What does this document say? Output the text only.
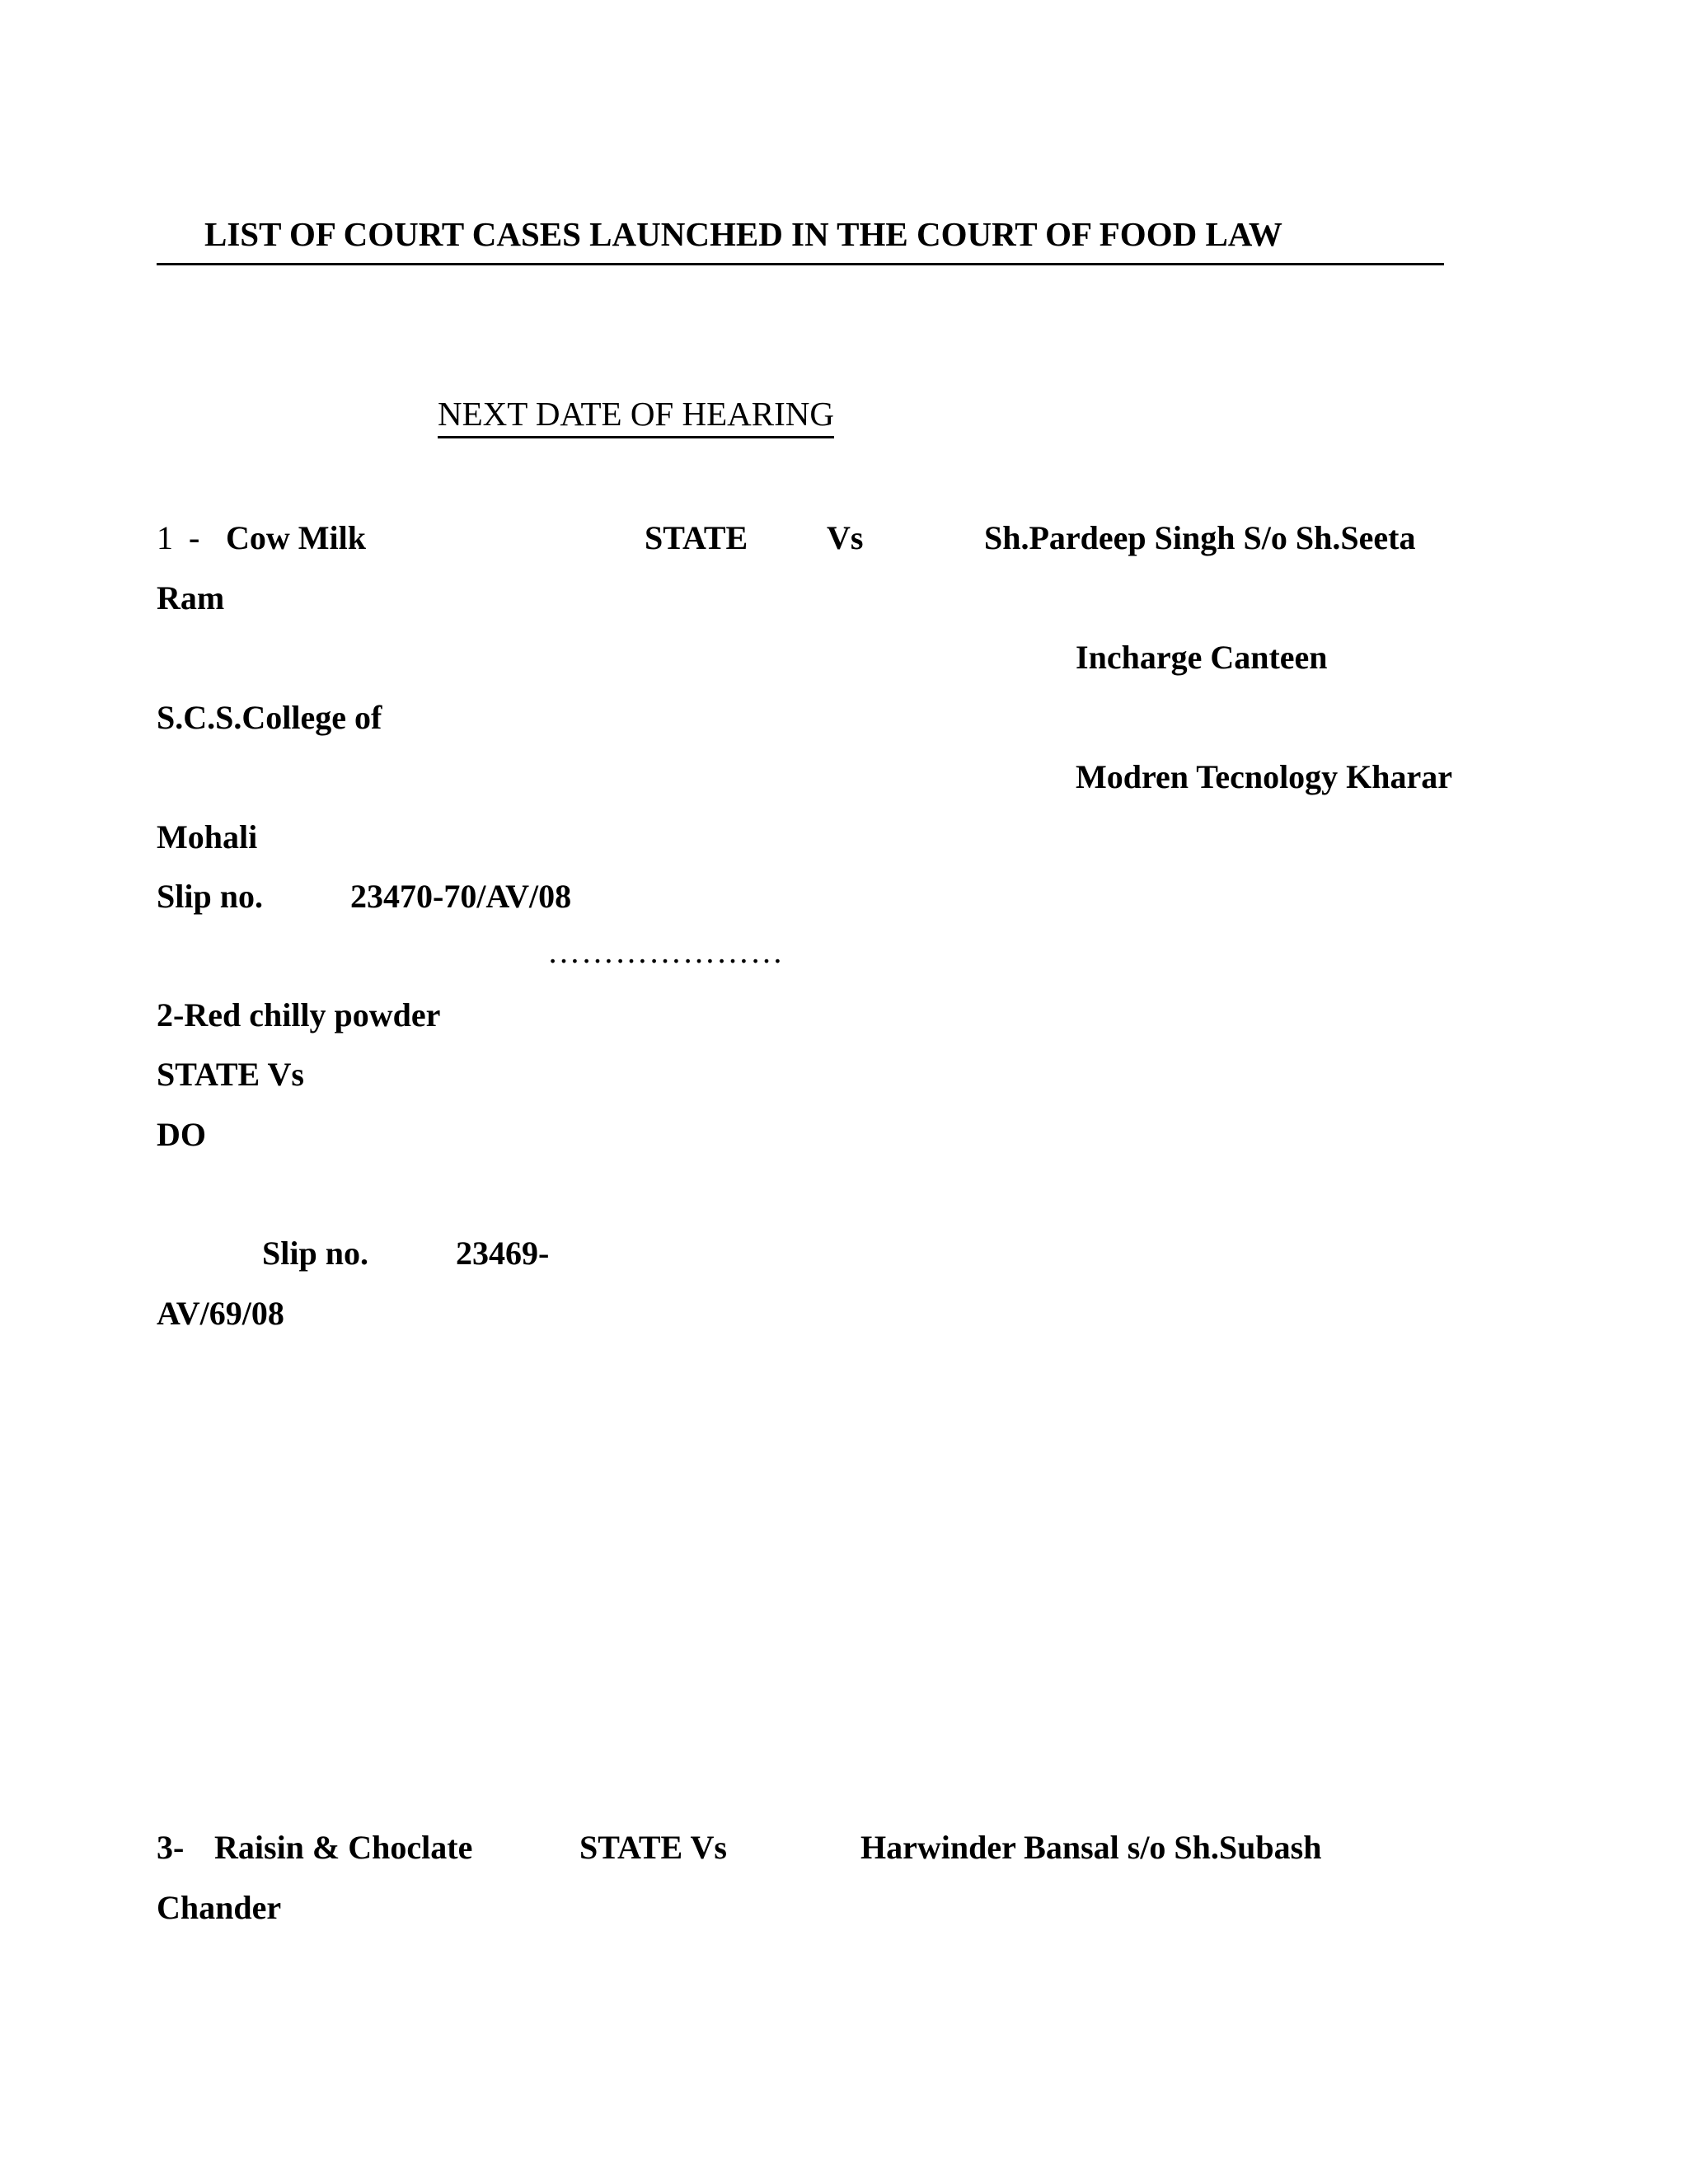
LIST OF COURT CASES LAUNCHED IN THE COURT OF FOOD LAW
NEXT DATE OF HEARING
1 - Cow Milk	STATE Vs	Sh.Pardeep Singh S/o Sh.Seeta
Ram
Incharge Canteen
S.C.S.College of
Modren Tecnology Kharar
Mohali
Slip no.	23470-70/AV/08
…………………
2-Red chilly powder
STATE Vs
DO
Slip no.	23469-
AV/69/08
3- Raisin & Choclate	STATE Vs	Harwinder Bansal s/o Sh.Subash
Chander
